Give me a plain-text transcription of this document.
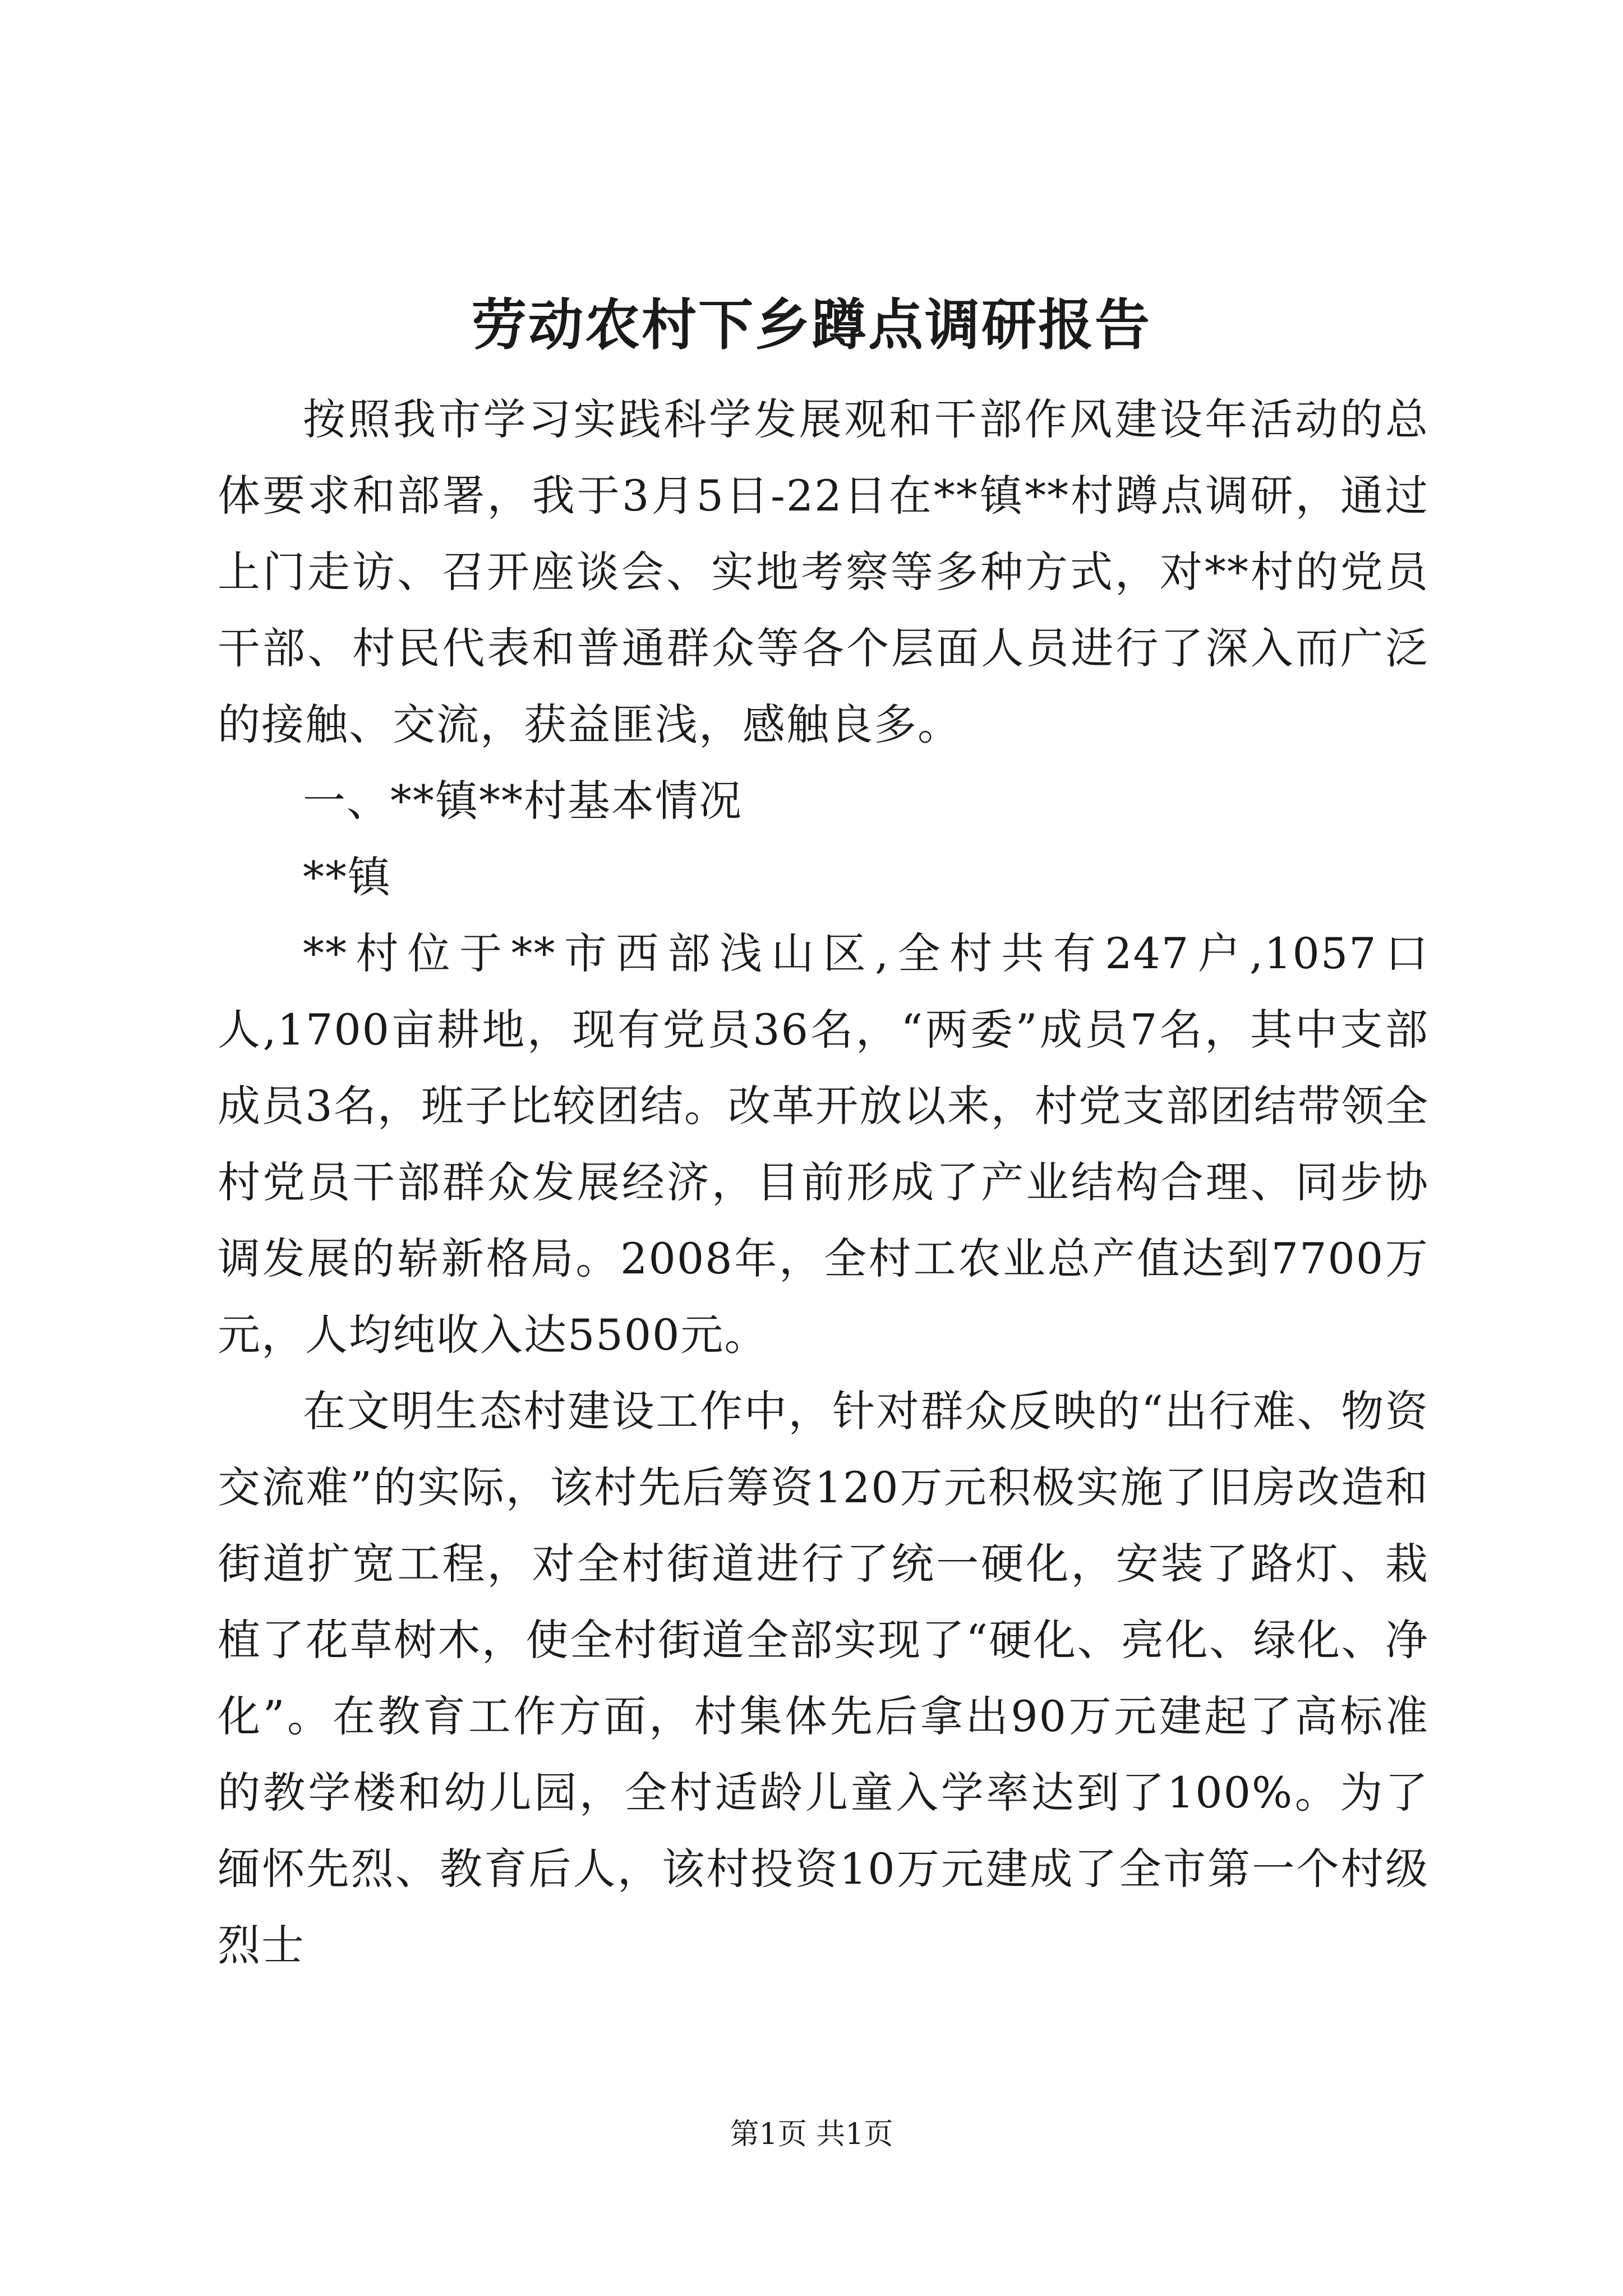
劳动农村下乡蹲点调研报告

按照我市学习实践科学发展观和干部作风建设年活动的总体要求和部署，我于3月5日-22日在**镇**村蹲点调研，通过上门走访、召开座谈会、实地考察等多种方式，对**村的党员干部、村民代表和普通群众等各个层面人员进行了深入而广泛的接触、交流，获益匪浅，感触良多。

一、**镇**村基本情况

**镇

**村位于**市西部浅山区,全村共有247户,1057口人,1700亩耕地，现有党员36名，“两委”成员7名，其中支部成员3名，班子比较团结。改革开放以来，村党支部团结带领全村党员干部群众发展经济，目前形成了产业结构合理、同步协调发展的崭新格局。2008年，全村工农业总产值达到7700万元，人均纯收入达5500元。

在文明生态村建设工作中，针对群众反映的“出行难、物资交流难”的实际，该村先后筹资120万元积极实施了旧房改造和街道扩宽工程，对全村街道进行了统一硬化，安装了路灯、栽植了花草树木，使全村街道全部实现了“硬化、亮化、绿化、净化”。在教育工作方面，村集体先后拿出90万元建起了高标准的教学楼和幼儿园，全村适龄儿童入学率达到了100%。为了缅怀先烈、教育后人，该村投资10万元建成了全市第一个村级烈士

第1页 共1页
